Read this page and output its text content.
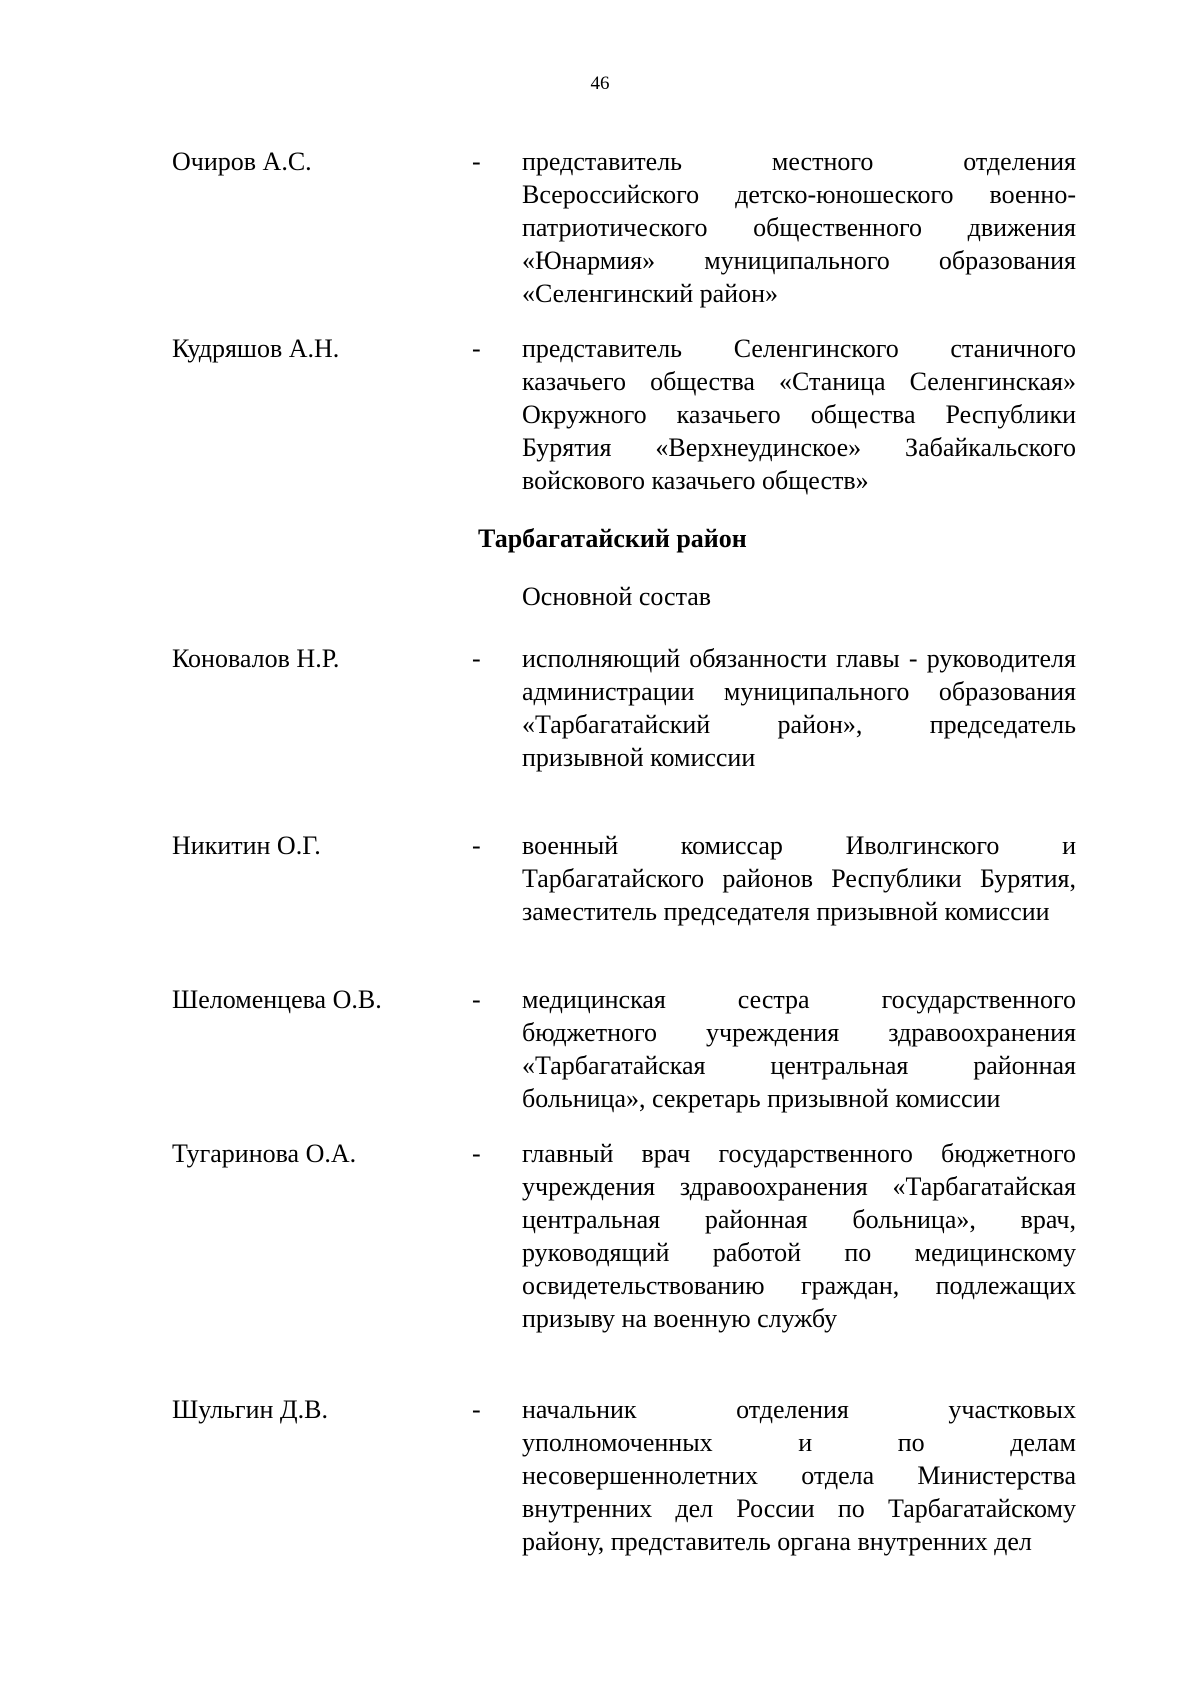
46
Очиров А.С.	- представитель местного отделения Всероссийского детско-юношеского военно-патриотического общественного движения «Юнармия» муниципального образования «Селенгинский район»

Кудряшов А.Н.	- представитель Селенгинского станичного казачьего общества «Станица Селенгинская» Окружного казачьего общества Республики Бурятия «Верхнеудинское» Забайкальского войскового казачьего обществ»

Тарбагатайский район
Основной состав
Коновалов Н.Р.	- исполняющий обязанности главы - руководителя администрации муниципального образования «Тарбагатайский район», председатель призывной комиссии

Никитин О.Г.	- военный комиссар Иволгинского и Тарбагатайского районов Республики Бурятия, заместитель председателя призывной комиссии

Шеломенцева О.В.	- медицинская сестра государственного бюджетного учреждения здравоохранения «Тарбагатайская центральная районная больница», секретарь призывной комиссии

Тугаринова О.А.	- главный врач государственного бюджетного учреждения здравоохранения «Тарбагатайская центральная районная больница», врач, руководящий работой по медицинскому освидетельствованию граждан, подлежащих призыву на военную службу

Шульгин Д.В.	- начальник отделения участковых уполномоченных и по делам несовершеннолетних отдела Министерства внутренних дел России по Тарбагатайскому району, представитель органа внутренних дел
